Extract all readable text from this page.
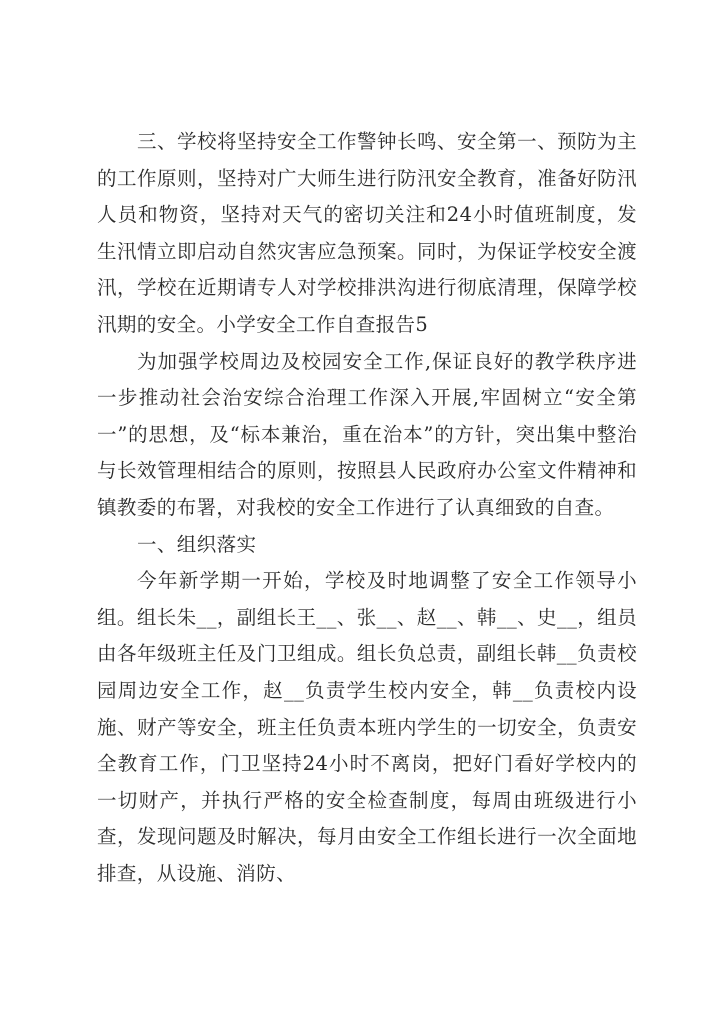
三、学校将坚持安全工作警钟长鸣、安全第一、预防为主的工作原则，坚持对广大师生进行防汛安全教育，准备好防汛人员和物资，坚持对天气的密切关注和24小时值班制度，发生汛情立即启动自然灾害应急预案。同时，为保证学校安全渡汛，学校在近期请专人对学校排洪沟进行彻底清理，保障学校汛期的安全。小学安全工作自查报告5

为加强学校周边及校园安全工作,保证良好的教学秩序进一步推动社会治安综合治理工作深入开展,牢固树立“安全第一”的思想，及“标本兼治，重在治本”的方针，突出集中整治与长效管理相结合的原则，按照县人民政府办公室文件精神和镇教委的布署，对我校的安全工作进行了认真细致的自查。

一、组织落实

今年新学期一开始，学校及时地调整了安全工作领导小组。组长朱__，副组长王__、张__、赵__、韩__、史__，组员由各年级班主任及门卫组成。组长负总责，副组长韩__负责校园周边安全工作，赵__负责学生校内安全，韩__负责校内设施、财产等安全，班主任负责本班内学生的一切安全，负责安全教育工作，门卫坚持24小时不离岗，把好门看好学校内的一切财产，并执行严格的安全检查制度，每周由班级进行小查，发现问题及时解决，每月由安全工作组长进行一次全面地排查，从设施、消防、
